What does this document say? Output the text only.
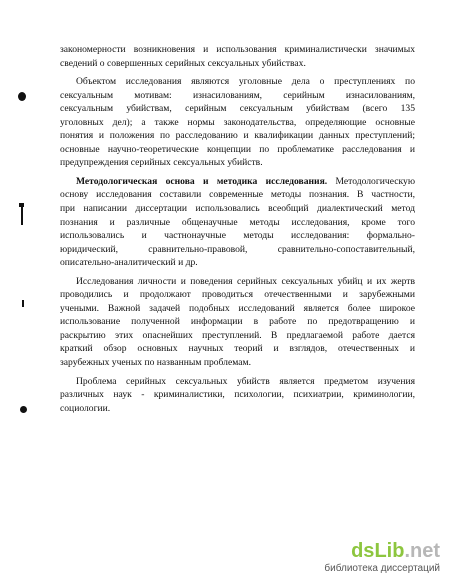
закономерности возникновения и использования криминалистически значимых
сведений о совершенных серийных сексуальных убийствах.
Объектом исследования являются уголовные дела о преступлениях по
сексуальным мотивам: изнасилованиям, серийным изнасилованиям,
сексуальным убийствам, серийным сексуальным убийствам (всего 135
уголовных дел); а также нормы законодательства, определяющие основные
понятия и положения по расследованию и квалификации данных преступлений;
основные научно-теоретические концепции по проблематике расследования и
предупреждения серийных сексуальных убийств.
Методологическая основа и методика исследования. Методологическую
основу исследования составили современные методы познания. В частности,
при написании диссертации использовались всеобщий диалектический метод
познания и различные общенаучные методы исследования, кроме того
использовались и частнонаучные методы исследования: формально-
юридический, сравнительно-правовой, сравнительно-сопоставительный,
описательно-аналитический и др.
Исследования личности и поведения серийных сексуальных убийц и их жертв
проводились и продолжают проводиться отечественными и зарубежными
учеными. Важной задачей подобных исследований является более широкое
использование полученной информации в работе по предотвращению и
раскрытию этих опаснейших преступлений. В предлагаемой работе дается
краткий обзор основных научных теорий и взглядов, отечественных и
зарубежных ученых по названным проблемам.
Проблема серийных сексуальных убийств является предметом изучения
различных наук - криминалистики, психологии, психиатрии, криминологии,
социологии.
dsLib.net
библиотека диссертаций
